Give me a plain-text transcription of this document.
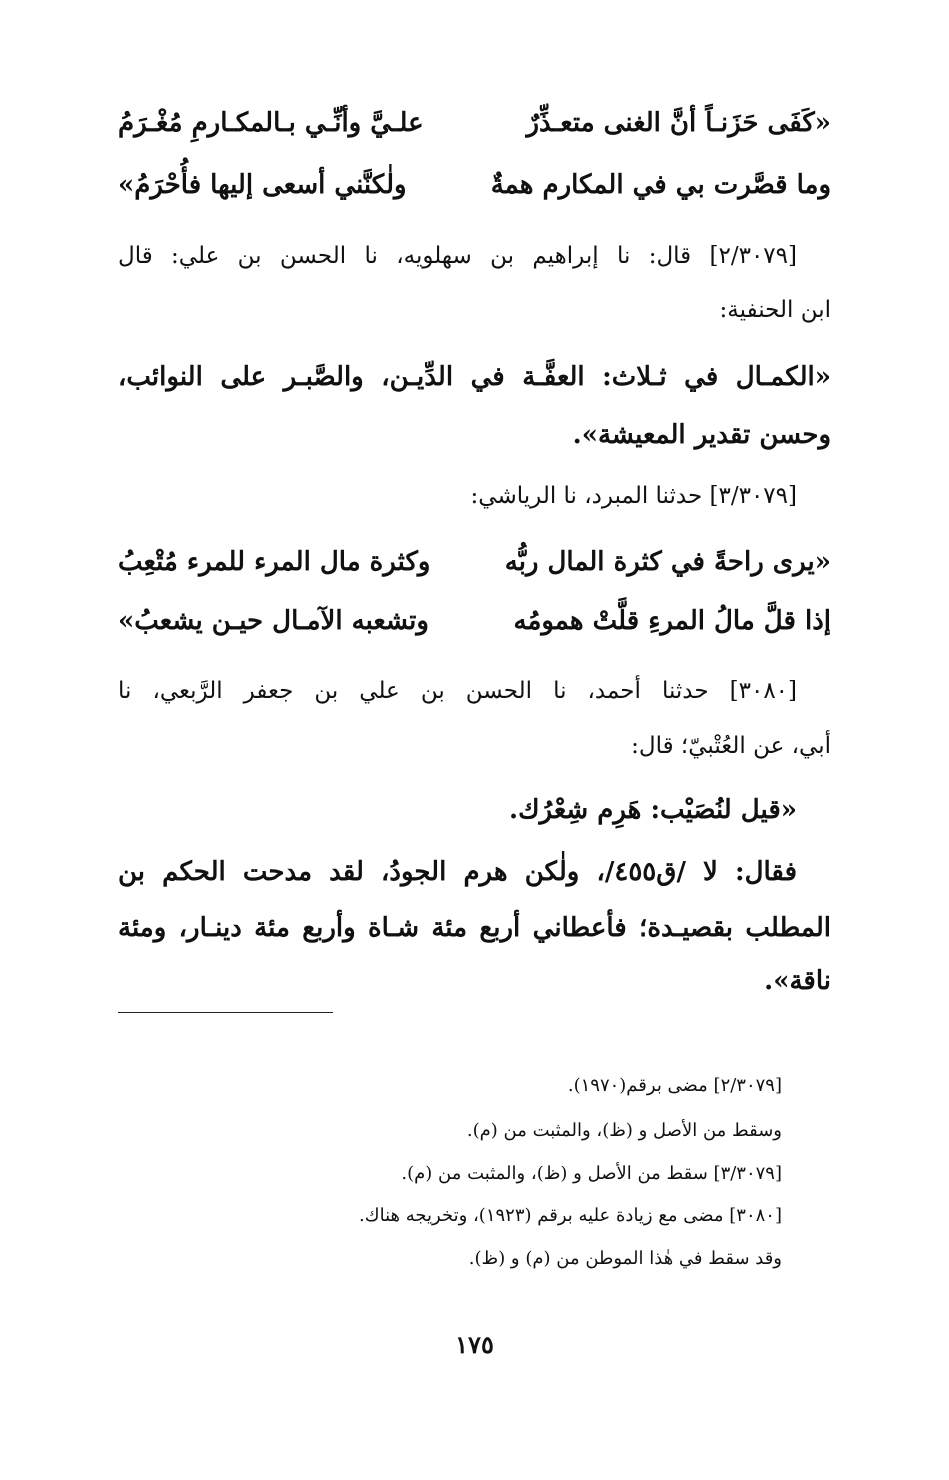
«كَفَى حَزَنـاً أنَّ الغنى متعـذِّرٌ
علـيَّ وأنِّـي بـالمكـارمِ مُغْـرَمُ
وما قصَّرت بي في المكارم همةٌ
ولٰكنَّني أسعى إليها فأُحْرَمُ»
[٢/٣٠٧٩] قال: نا إبراهيم بن سهلويه، نا الحسن بن علي: قال
ابن الحنفية:
«الكمـال في ثـلاث: العفَّـة في الدِّيـن، والصَّبـر على النوائب،
وحسن تقدير المعيشة».
[٣/٣٠٧٩] حدثنا المبرد، نا الرياشي:
«يرى راحةً في كثرة المال ربُّه
وكثرة مال المرء للمرء مُتْعِبُ
إذا قلَّ مالُ المرءِ قلَّتْ همومُه
وتشعبه الآمـال حيـن يشعبُ»
[٣٠٨٠] حدثنا أحمد، نا الحسن بن علي بن جعفر الرَّبعي، نا
أبي، عن العُتْبيّ؛ قال:
«قيل لنُصَيْب: هَرِم شِعْرُك.
فقال: لا /ق٤٥٥/، ولٰكن هرم الجودُ، لقد مدحت الحكم بن
المطلب بقصيـدة؛ فأعطاني أربع مئة شـاة وأربع مئة دينـار، ومئة
ناقة».
[٢/٣٠٧٩] مضى برقم(١٩٧٠).
وسقط من الأصل و (ظ)، والمثبت من (م).
[٣/٣٠٧٩] سقط من الأصل و (ظ)، والمثبت من (م).
[٣٠٨٠] مضى مع زيادة عليه برقم (١٩٢٣)، وتخريجه هناك.
وقد سقط في هٰذا الموطن من (م) و (ظ).
١٧٥
